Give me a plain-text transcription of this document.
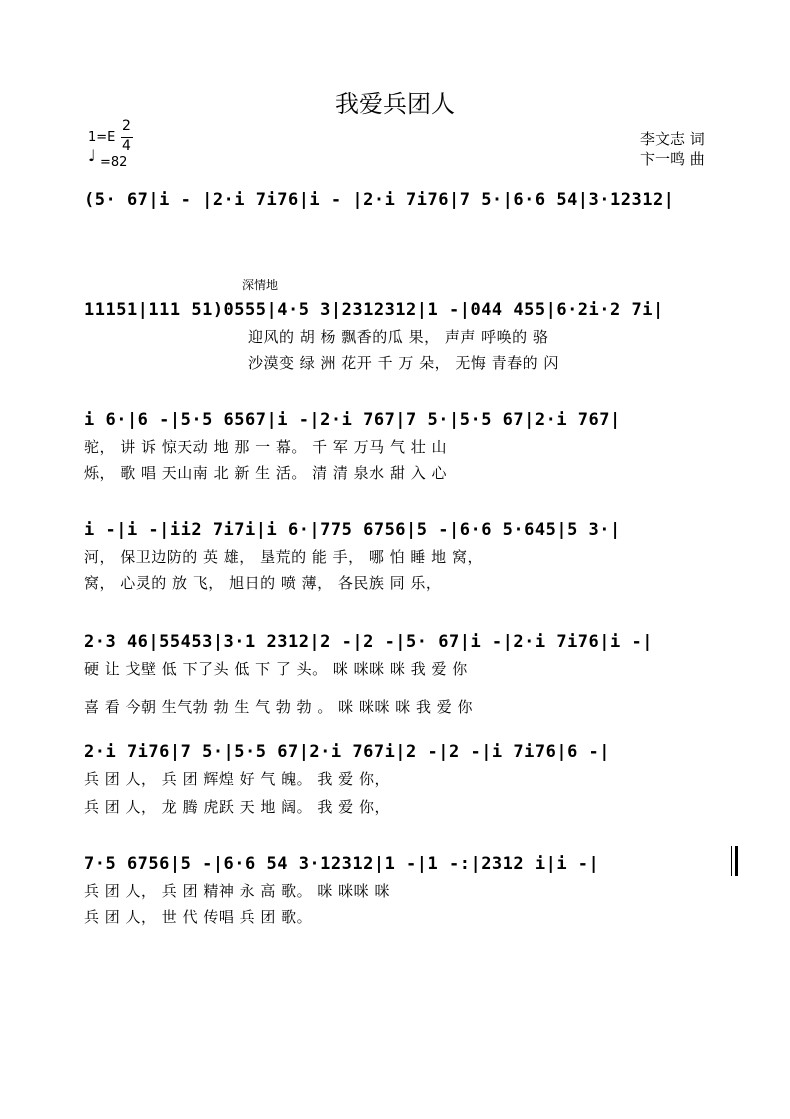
我爱兵团人
1=E
2
4
♩ =82
李文志 词
卞一鸣 曲
深情地
(5· 67|i - |2·i 7i76|i - |2·i 7i76|7 5·|6·6 54|3·12312|
11151|111 51)0555|4·5 3|2312312|1 -|044 455|6·2i·2 7i|
迎风的 胡 杨 飘香的瓜 果， 声声 呼唤的 骆
沙漠变 绿 洲 花开 千 万 朵， 无悔 青春的 闪
i 6·|6 -|5·5 6567|i -|2·i 767|7 5·|5·5 67|2·i 767|
驼， 讲 诉 惊天动 地 那 一 幕。 千 军 万马 气 壮 山
烁， 歌 唱 天山南 北 新 生 活。 清 清 泉水 甜 入 心
i -|i -|ii2 7i7i|i 6·|775 6756|5 -|6·6 5·645|5 3·|
河， 保卫边防的 英 雄， 垦荒的 能 手， 哪 怕 睡 地 窝，
窝， 心灵的 放 飞， 旭日的 喷 薄， 各民族 同 乐，
2·3 46|55453|3·1 2312|2 -|2 -|5· 67|i -|2·i 7i76|i -|
硬 让 戈壁 低 下了头 低 下 了 头。 咪 咪咪 咪 我 爱 你
喜 看 今朝 生气勃 勃 生 气 勃 勃 。 咪 咪咪 咪 我 爱 你
2·i 7i76|7 5·|5·5 67|2·i 767i|2 -|2 -|i 7i76|6 -|
兵 团 人， 兵 团 辉煌 好 气 魄。 我 爱 你，
兵 团 人， 龙 腾 虎跃 天 地 阔。 我 爱 你，
7·5 6756|5 -|6·6 54 3·12312|1 -|1 -:|2312 i|i -|
兵 团 人， 兵 团 精神 永 高 歌。 咪 咪咪 咪
兵 团 人， 世 代 传唱 兵 团 歌。
